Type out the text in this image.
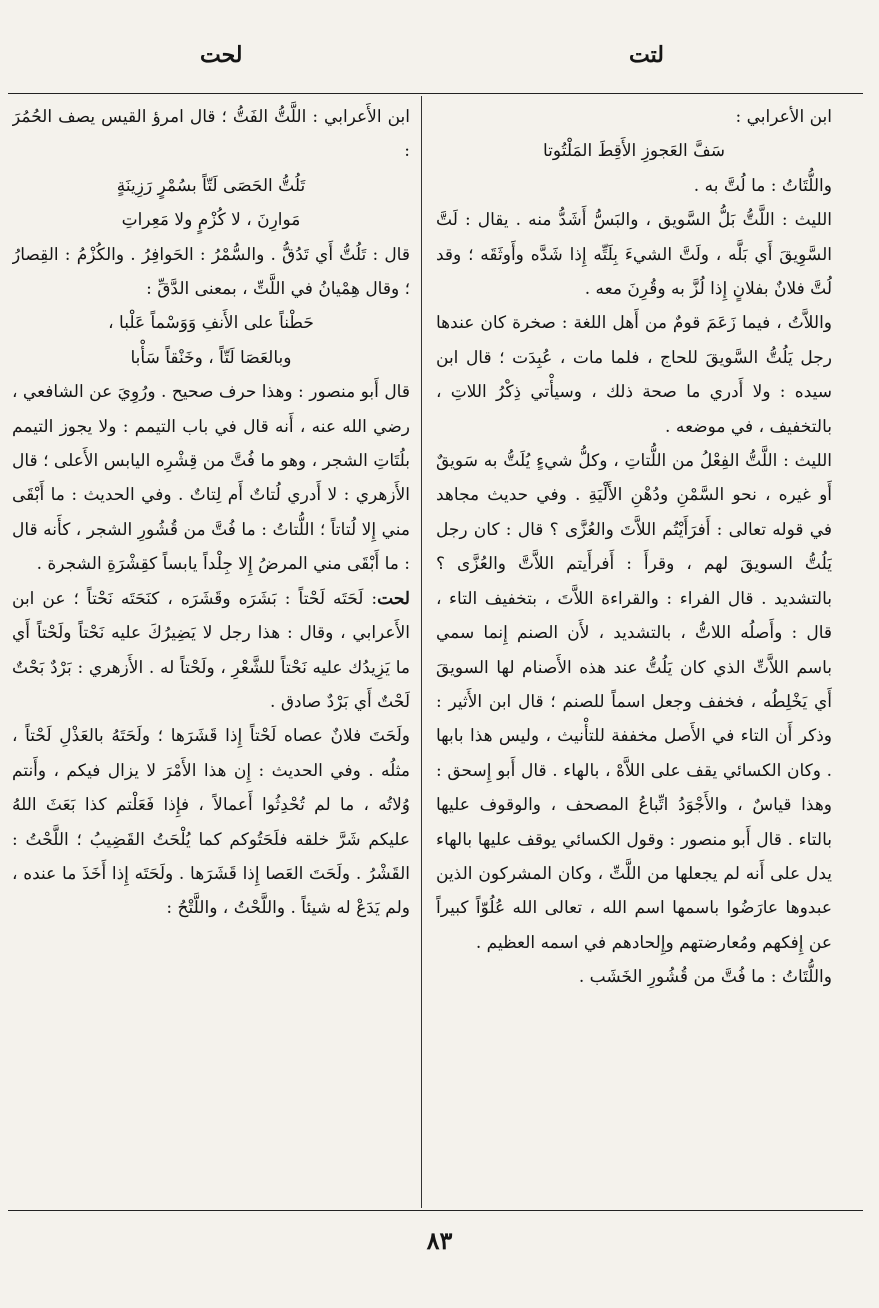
لتت
لحت

ابن الأعرابي :

سَفَّ العَجوزِ الأَقِطَ المَلْتُوتا

واللُّتَاتُ : ما لُتَّ به .

الليث : اللَّتُّ بَلُّ السَّويق ، والبَسُّ أَشَدُّ منه . يقال : لَتَّ السَّوِيقَ أَي بَلَّه ، ولَتَّ الشيءَ بِلَتِّه إِذا شَدَّه وأَوثَقَه ؛ وقد لُتَّ فلانٌ بفلانٍ إِذا لُزَّ به وقُرِنَ معه .

واللاَّتُ ، فيما زَعَمَ قومٌ من أَهل اللغة : صخرة كان عندها رجل يَلُتُّ السَّويقَ للحاج ، فلما مات ، عُبِدَت ؛ قال ابن سيده : ولا أَدري ما صحة ذلك ، وسيأْتي ذِكْرُ اللاتِ ، بالتخفيف ، في موضعه .

الليث : اللَّتُّ الفِعْلُ من اللُّتاتِ ، وكلُّ شيءٍ يُلَتُّ به سَويقٌ أَو غيره ، نحو السَّمْنِ ودُهْنِ الأَلْيَةِ . وفي حديث مجاهد في قوله تعالى : أَفرَأَيْتُم اللاَّتَ والعُزَّى ؟ قال : كان رجل يَلُتُّ السويقَ لهم ، وقرأَ : أَفرأَيتم اللاَّتَّ والعُزَّى ؟ بالتشديد . قال الفراء : والقراءة اللاَّتَ ، بتخفيف التاء ، قال : وأَصلُه اللاتُّ ، بالتشديد ، لأَن الصنم إِنما سمي باسم اللاَّتِّ الذي كان يَلُتُّ عند هذه الأَصنام لها السويقَ أَي يَخْلِطُه ، فخفف وجعل اسماً للصنم ؛ قال ابن الأَثير : وذكر أَن التاء في الأَصل مخففة للتأْنيث ، وليس هذا بابها . وكان الكسائي يقف على اللاَّهْ ، بالهاء . قال أَبو إِسحق : وهذا قياسٌ ، والأَجْوَدُ اتِّباعُ المصحف ، والوقوف عليها بالتاء . قال أَبو منصور : وقول الكسائي يوقف عليها بالهاء يدل على أَنه لم يجعلها من اللَّتِّ ، وكان المشركون الذين عبدوها عارَضُوا باسمها اسم الله ، تعالى الله عُلُوّاً كبيراً عن إِفكهم ومُعارضتهم وإِلحادهم في اسمه العظيم .

واللُّتَاتُ : ما فُتَّ من قُشُورِ الخَشَب .

ابن الأَعرابي : اللَّتُّ الفَتُّ ؛ قال امرؤ القيس يصف الحُمُرَ :

تَلُتُّ الحَصَى لَتّاً بسُمْرٍ رَزِينَةٍ

مَوارِنَ ، لا كُزْمٍ ولا مَعِراتِ

قال : تَلُتُّ أَي تَدُقُّ . والسُّمْرُ : الحَوافِرُ . والكُزْمُ : القِصارُ ؛ وقال هِمْيانُ في اللَّتِّ ، بمعنى الدَّقِّ :

حَطْناً على الأَنفِ وَوَسْماً عَلْبا ،

وبالعَصَا لَتّاً ، وخَنْقاً سَأْبا

قال أَبو منصور : وهذا حرف صحيح . ورُوِيَ عن الشافعي ، رضي الله عنه ، أَنه قال في باب التيمم : ولا يجوز التيمم بلُتَاتِ الشجر ، وهو ما فُتَّ من قِشْرِه اليابس الأَعلى ؛ قال الأَزهري : لا أَدري لُتاتٌ أَم لِتاتٌ . وفي الحديث : ما أَبْقَى مني إِلا لُتاتاً ؛ اللُّتاتُ : ما فُتَّ من قُشُورِ الشجر ، كأَنه قال : ما أَبْقَى مني المرضُ إِلا جِلْداً يابساً كقِشْرَةِ الشجرة .

لحت: لَحَتَه لَحْتاً : بَشَرَه وقَشَرَه ، كنَحَتَه نَحْتاً ؛ عن ابن الأَعرابي ، وقال : هذا رجل لا يَضِيرُكَ عليه نَحْتاً ولَحْتاً أَي ما يَزِيدُك عليه نَحْتاً للشَّعْرِ ، ولَحْتاً له . الأَزهري : بَرْدٌ بَحْتٌ لَحْتٌ أَي بَرْدٌ صادق .

ولَحَتَ فلانٌ عصاه لَحْتاً إِذا قَشَرَها ؛ ولَحَتَهُ بالعَذْلِ لَحْتاً ، مثلُه . وفي الحديث : إِن هذا الأَمْرَ لا يزال فيكم ، وأَنتم وُلاتُه ، ما لم تُحْدِثُوا أَعمالاً ، فإِذا فَعَلْتم كذا بَعَثَ اللهُ عليكم شَرَّ خلقه فلَحَتُوكم كما يُلْحَتُ القَضِيبُ ؛ اللَّحْتُ : القَشْرُ . ولَحَتَ العَصا إِذا قَشَرَها . ولَحَتَه إِذا أَخَذَ ما عنده ، ولم يَدَعْ له شيئاً . واللَّحْتُ ، واللَّتْحُ :

٨٣
